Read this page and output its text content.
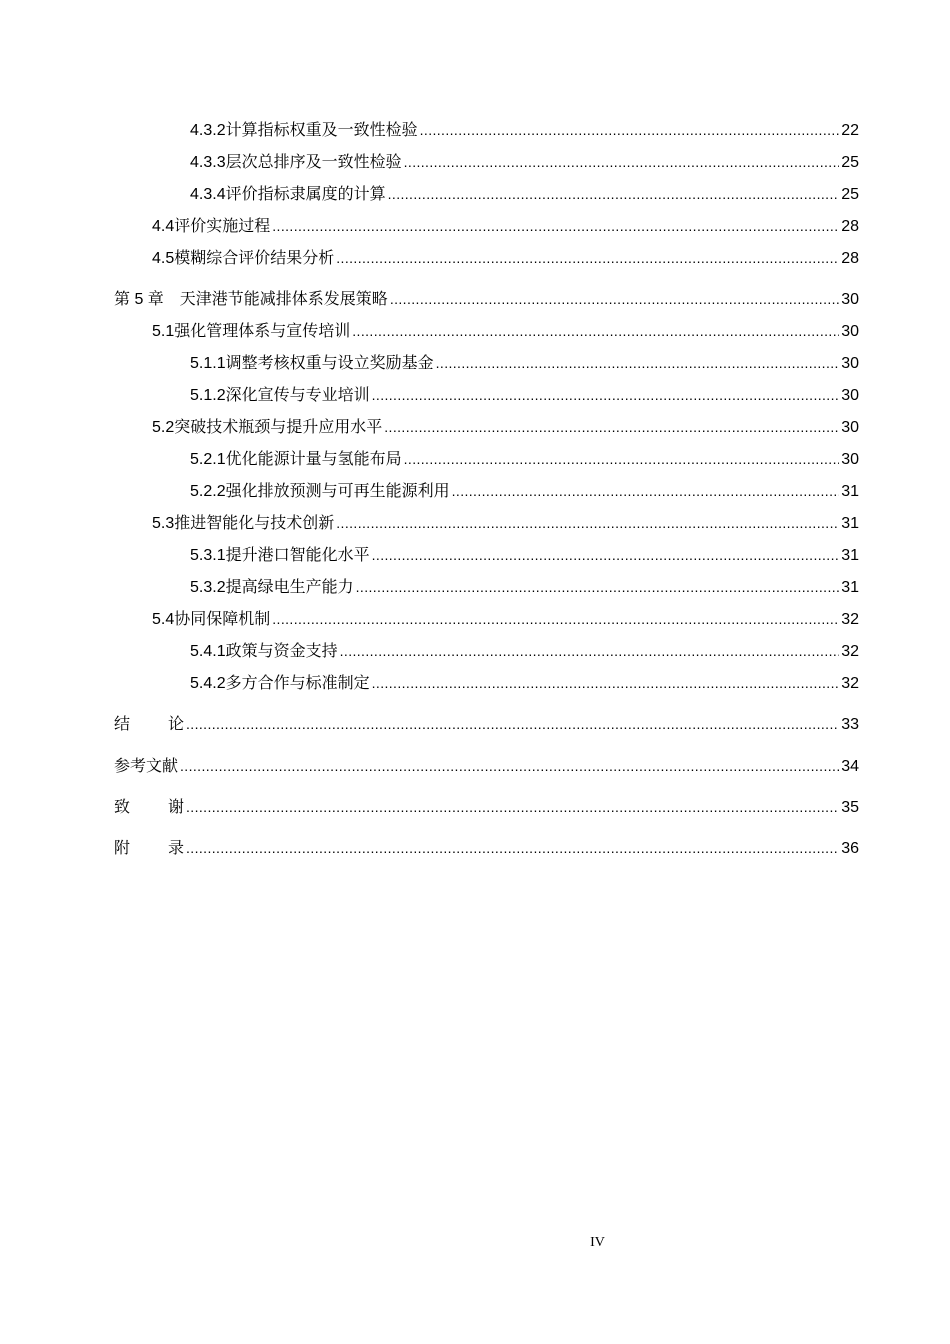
4.3.2 计算指标权重及一致性检验 .....	22
4.3.3 层次总排序及一致性检验 .....	25
4.3.4 评价指标隶属度的计算 .....	25
4.4 评价实施过程 .....	28
4.5 模糊综合评价结果分析 .....	28
第 5 章 天津港节能减排体系发展策略 .....	30
5.1 强化管理体系与宣传培训 .....	30
5.1.1 调整考核权重与设立奖励基金 .....	30
5.1.2 深化宣传与专业培训 .....	30
5.2 突破技术瓶颈与提升应用水平 .....	30
5.2.1 优化能源计量与氢能布局 .....	30
5.2.2 强化排放预测与可再生能源利用 .....	31
5.3 推进智能化与技术创新 .....	31
5.3.1 提升港口智能化水平 .....	31
5.3.2 提高绿电生产能力 .....	31
5.4 协同保障机制 .....	32
5.4.1 政策与资金支持 .....	32
5.4.2 多方合作与标准制定 .....	32
结论 .....	33
参考文献 .....	34
致谢 .....	35
附录 .....	36
IV
